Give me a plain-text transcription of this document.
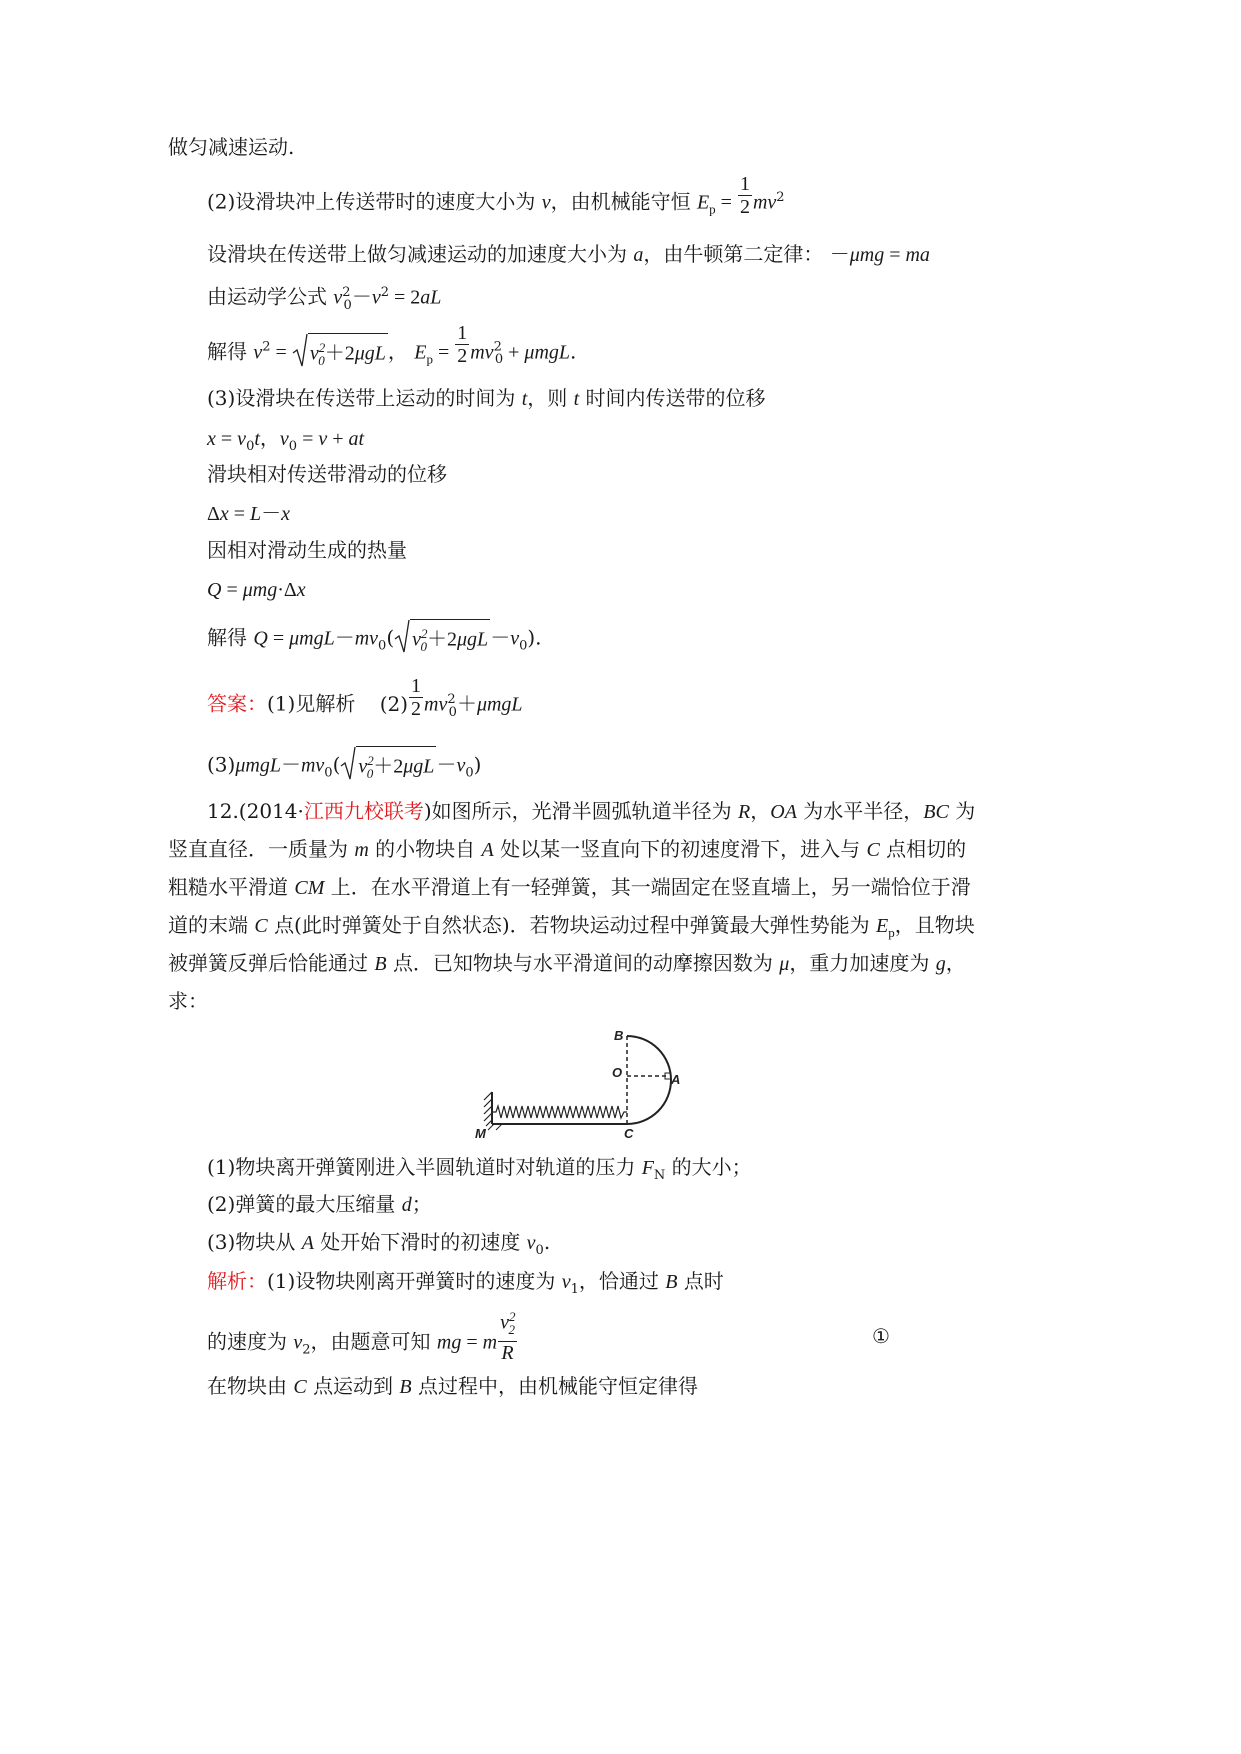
做匀减速运动.
(2)设滑块冲上传送带时的速度大小为 v，由机械能守恒 $E_p = \frac{1}{2} mv^2$
设滑块在传送带上做匀减速运动的加速度大小为 a，由牛顿第二定律： －μmg = ma
由运动学公式 $v^2_0-v^2 = 2aL$
解得 $v^2$ =
$v^2_0+2\mu gL$ ， $E_p = \frac{1}{2} mv^2_0 + \mu mgL$.
(3)设滑块在传送带上运动的时间为 t，则 t 时间内传送带的位移
$x = v_0t$，$v_0 = v$ + at
滑块相对传送带滑动的位移
Δx = L－x
因相对滑动生成的热量
Q = μmg·Δx
解得 $Q = \mu mgL-mv_0$( $v^2_0+2\mu gL -v_0$).
答案：(1)见解析 $(2) \frac{1}{2} mv^2_0+\mu mgL$
$(3)\mu mgL-mv_0$( $v^2_0+2\mu gL -v_0$)
12.(2014·江西九校联考)如图所示，光滑半圆弧轨道半径为 R，OA 为水平半径，BC 为
竖直直径．一质量为 m 的小物块自 A 处以某一竖直向下的初速度滑下，进入与 C 点相切的
粗糙水平滑道 CM 上．在水平滑道上有一轻弹簧，其一端固定在竖直墙上，另一端恰位于滑
道的末端 C 点(此时弹簧处于自然状态)．若物块运动过程中弹簧最大弹性势能为 $E_p$，且物块
被弹簧反弹后恰能通过 B 点．已知物块与水平滑道间的动摩擦因数为 μ，重力加速度为 g，
求：
B
O	A
M	C
(1)物块离开弹簧刚进入半圆轨道时对轨道的压力 $F_N$ 的大小；
(2)弹簧的最大压缩量 d；
(3)物块从 A 处开始下滑时的初速度 $v_0$.
解析：(1)设物块刚离开弹簧时的速度为 $v_1$，恰通过 B 点时
的速度为 $v_2$，由题意可知 mg = m $\frac{v^2_2}{R}$	①
在物块由 C 点运动到 B 点过程中，由机械能守恒定律得
